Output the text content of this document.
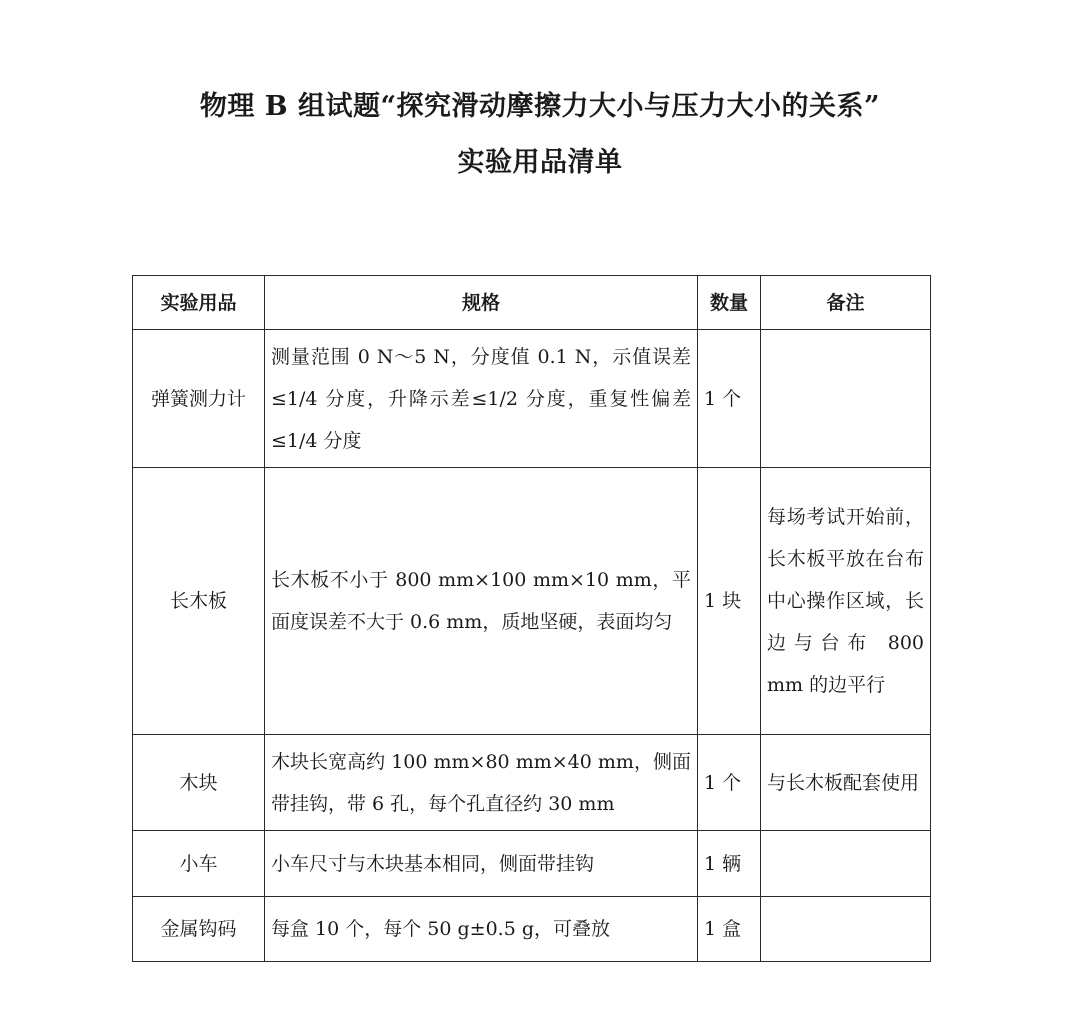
物理 B 组试题“探究滑动摩擦力大小与压力大小的关系”
实验用品清单
实验用品	规格	数量	备注
弹簧测力计	测量范围 0 N～5 N，分度值 0.1 N，示值误差≤1/4 分度，升降示差≤1/2 分度，重复性偏差≤1/4 分度	1 个	
长木板	长木板不小于 800 mm×100 mm×10 mm，平面度误差不大于 0.6 mm，质地坚硬，表面均匀	1 块	每场考试开始前，长木板平放在台布中心操作区域，长边与台布 800 mm 的边平行
木块	木块长宽高约 100 mm×80 mm×40 mm，侧面带挂钩，带 6 孔，每个孔直径约 30 mm	1 个	与长木板配套使用
小车	小车尺寸与木块基本相同，侧面带挂钩	1 辆	
金属钩码	每盒 10 个，每个 50 g±0.5 g，可叠放	1 盒	
